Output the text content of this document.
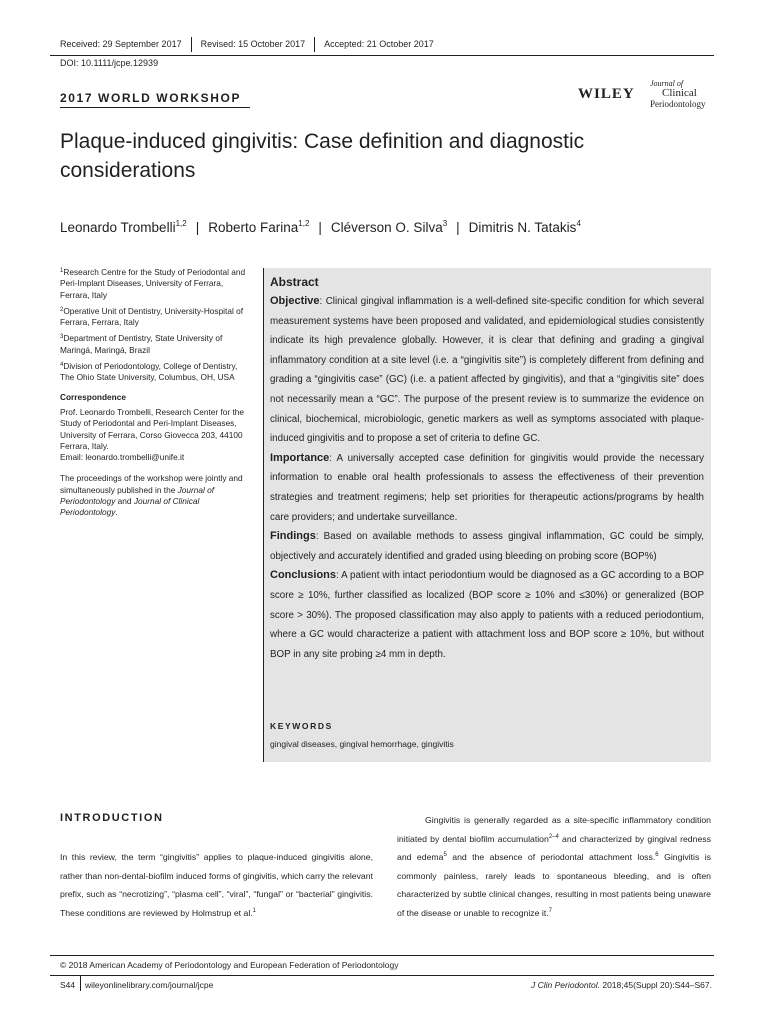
Received: 29 September 2017	Revised: 15 October 2017	Accepted: 21 October 2017
DOI: 10.1111/jcpe.12939
2017 WORLD WORKSHOP	WILEY
Journal of
Clinical
Periodontology
Plaque-induced gingivitis: Case definition and diagnostic considerations
Leonardo Trombelli$^{1,2}$ | Roberto Farina$^{1,2}$ | Cléverson O. Silva$^3$ | Dimitris N. Tatakis$^4$

$^1$Research Centre for the Study of Periodontal and Peri-Implant Diseases, University of Ferrara, Ferrara, Italy

$^2$Operative Unit of Dentistry, University-Hospital of Ferrara, Ferrara, Italy

$^3$Department of Dentistry, State University of Maringá, Maringá, Brazil

$^4$Division of Periodontology, College of Dentistry, The Ohio State University, Columbus, OH, USA

Correspondence

Prof. Leonardo Trombelli, Research Center for the Study of Periodontal and Peri-Implant Diseases, University of Ferrara, Corso Giovecca 203, 44100 Ferrara, Italy.

Email: leonardo.trombelli@unife.it

The proceedings of the workshop were jointly and simultaneously published in the Journal of Periodontology and Journal of Clinical Periodontology.

Abstract
Objective: Clinical gingival inflammation is a well-defined site-specific condition for which several measurement systems have been proposed and validated, and epidemiological studies consistently indicate its high prevalence globally. However, it is clear that defining and grading a gingival inflammatory condition at a site level (i.e. a “gingivitis site”) is completely different from defining and grading a “gingivitis case” (GC) (i.e. a patient affected by gingivitis), and that a “gingivitis site” does not necessarily mean a “GC”. The purpose of the present review is to summarize the evidence on clinical, biochemical, microbiologic, genetic markers as well as symptoms associated with plaque-induced gingivitis and to propose a set of criteria to define GC.
Importance: A universally accepted case definition for gingivitis would provide the necessary information to enable oral health professionals to assess the effectiveness of their prevention strategies and treatment regimens; help set priorities for therapeutic actions/programs by health care providers; and undertake surveillance.
Findings: Based on available methods to assess gingival inflammation, GC could be simply, objectively and accurately identified and graded using bleeding on probing score (BOP%)
Conclusions: A patient with intact periodontium would be diagnosed as a GC according to a BOP score ≥ 10%, further classified as localized (BOP score ≥ 10% and ≤30%) or generalized (BOP score > 30%). The proposed classification may also apply to patients with a reduced periodontium, where a GC would characterize a patient with attachment loss and BOP score ≥ 10%, but without BOP in any site probing ≥4 mm in depth.
KEYWORDS
gingival diseases, gingival hemorrhage, gingivitis
INTRODUCTION
In this review, the term “gingivitis” applies to plaque-induced gingivitis alone, rather than non-dental-biofilm induced forms of gingivitis, which carry the relevant prefix, such as “necrotizing”, “plasma cell”, “viral”, “fungal” or “bacterial” gingivitis. These conditions are reviewed by Holmstrup et al.$^1$
Gingivitis is generally regarded as a site-specific inflammatory condition initiated by dental biofilm accumulation$^{2-4}$ and characterized by gingival redness and edema$^5$ and the absence of periodontal attachment loss.$^6$ Gingivitis is commonly painless, rarely leads to spontaneous bleeding, and is often characterized by subtle clinical changes, resulting in most patients being unaware of the disease or unable to recognize it.$^7$
© 2018 American Academy of Periodontology and European Federation of Periodontology
S44 wileyonlinelibrary.com/journal/jcpe	J Clin Periodontol. 2018;45(Suppl 20):S44–S67.
